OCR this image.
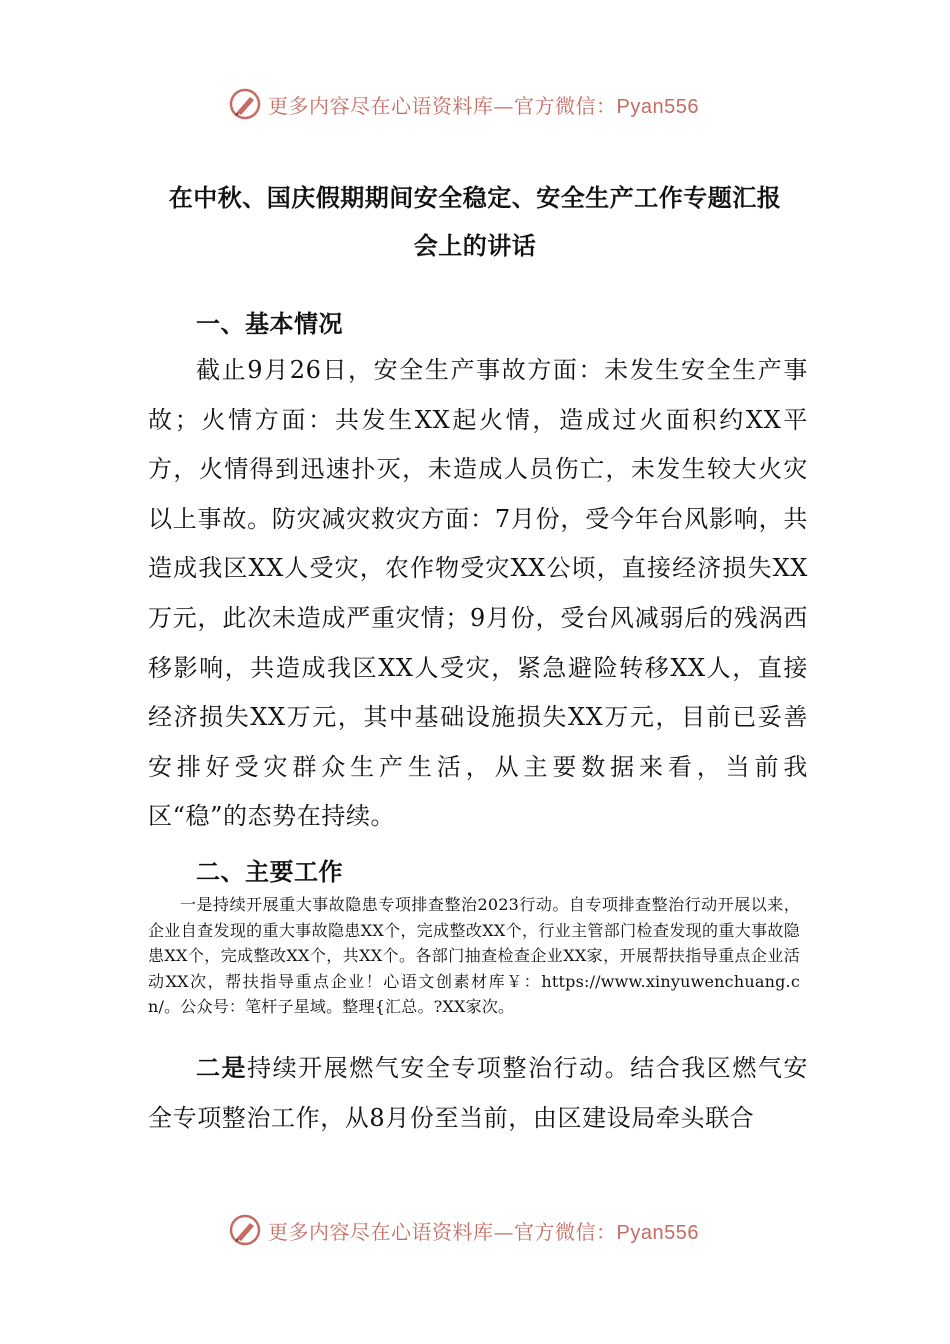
更多内容尽在心语资料库—官方微信：Pyan556
在中秋、国庆假期期间安全稳定、安全生产工作专题汇报
会上的讲话
一、基本情况
截止9月26日，安全生产事故方面：未发生安全生产事故；火情方面：共发生XX起火情，造成过火面积约XX平方，火情得到迅速扑灭，未造成人员伤亡，未发生较大火灾以上事故。防灾减灾救灾方面：7月份，受今年台风影响，共造成我区XX人受灾，农作物受灾XX公顷，直接经济损失XX万元，此次未造成严重灾情；9月份，受台风减弱后的残涡西移影响，共造成我区XX人受灾，紧急避险转移XX人，直接经济损失XX万元，其中基础设施损失XX万元，目前已妥善安排好受灾群众生产生活，从主要数据来看，当前我区“稳”的态势在持续。
二、主要工作
一是持续开展重大事故隐患专项排查整治2023行动。自专项排查整治行动开展以来，企业自查发现的重大事故隐患XX个，完成整改XX个，行业主管部门检查发现的重大事故隐患XX个，完成整改XX个，共XX个。各部门抽查检查企业XX家，开展帮扶指导重点企业活动XX次，帮扶指导重点企业！心语文创素材库￥：https://www.xinyuwenchuang.cn/。公众号：笔杆子星域。整理{汇总。?XX家次。
二是持续开展燃气安全专项整治行动。结合我区燃气安全专项整治工作，从8月份至当前，由区建设局牵头联合
更多内容尽在心语资料库—官方微信：Pyan556
